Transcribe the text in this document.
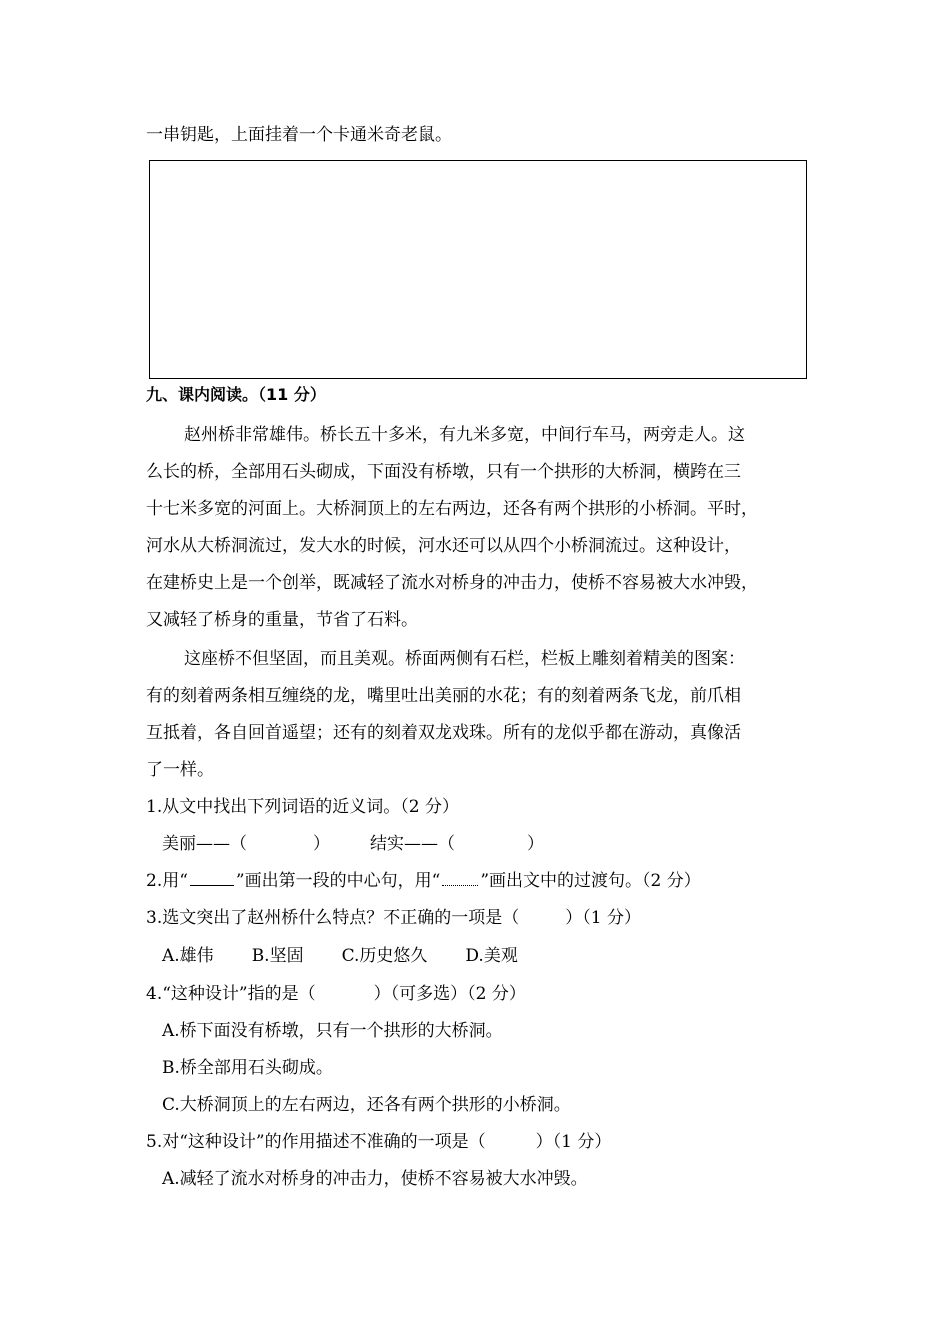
一串钥匙，上面挂着一个卡通米奇老鼠。
九、课内阅读。（11 分）
赵州桥非常雄伟。桥长五十多米，有九米多宽，中间行车马，两旁走人。这
么长的桥，全部用石头砌成，下面没有桥墩，只有一个拱形的大桥洞，横跨在三
十七米多宽的河面上。大桥洞顶上的左右两边，还各有两个拱形的小桥洞。平时，
河水从大桥洞流过，发大水的时候，河水还可以从四个小桥洞流过。这种设计，
在建桥史上是一个创举，既减轻了流水对桥身的冲击力，使桥不容易被大水冲毁，
又减轻了桥身的重量，节省了石料。
这座桥不但坚固，而且美观。桥面两侧有石栏，栏板上雕刻着精美的图案：
有的刻着两条相互缠绕的龙，嘴里吐出美丽的水花；有的刻着两条飞龙，前爪相
互抵着，各自回首遥望；还有的刻着双龙戏珠。所有的龙似乎都在游动，真像活
了一样。
1.从文中找出下列词语的近义词。（2 分）
美丽——（	） 结实——（	）
2.用“	”画出第一段的中心句，用“ ”画出文中的过渡句。（2 分）
3.选文突出了赵州桥什么特点？不正确的一项是（	）（1 分）
A.雄伟 B.坚固 C.历史悠久 D.美观
4.“这种设计”指的是（	）（可多选）（2 分）
A.桥下面没有桥墩，只有一个拱形的大桥洞。
B.桥全部用石头砌成。
C.大桥洞顶上的左右两边，还各有两个拱形的小桥洞。
5.对“这种设计”的作用描述不准确的一项是（	）（1 分）
A.减轻了流水对桥身的冲击力，使桥不容易被大水冲毁。
